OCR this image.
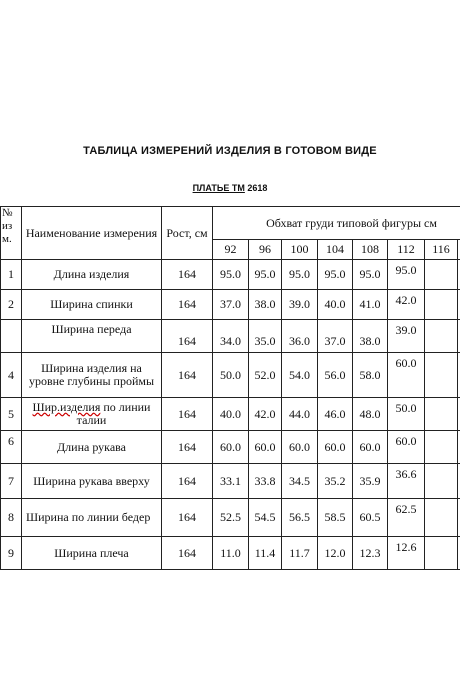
ТАБЛИЦА ИЗМЕРЕНИЙ ИЗДЕЛИЯ В ГОТОВОМ ВИДЕ
ПЛАТЬЕ ТМ 2618
№
из
м.	Наименование измерения	Рост, см	Обхват груди типовой фигуры см							
			92	96	100	104	108	112	116	
1	Длина изделия	164	95.0	95.0	95.0	95.0	95.0	95.0		
2	Ширина спинки	164	37.0	38.0	39.0	40.0	41.0	42.0		
	Ширина переда	164	34.0	35.0	36.0	37.0	38.0	39.0		
4	Ширина изделия на уровне глубины проймы	164	50.0	52.0	54.0	56.0	58.0	60.0		
5	Шир.изделия по линии талии	164	40.0	42.0	44.0	46.0	48.0	50.0		
6	Длина рукава	164	60.0	60.0	60.0	60.0	60.0	60.0		
7	Ширина рукава вверху	164	33.1	33.8	34.5	35.2	35.9	36.6		
8	Ширина по линии бедер	164	52.5	54.5	56.5	58.5	60.5	62.5		
9	Ширина плеча	164	11.0	11.4	11.7	12.0	12.3	12.6		
